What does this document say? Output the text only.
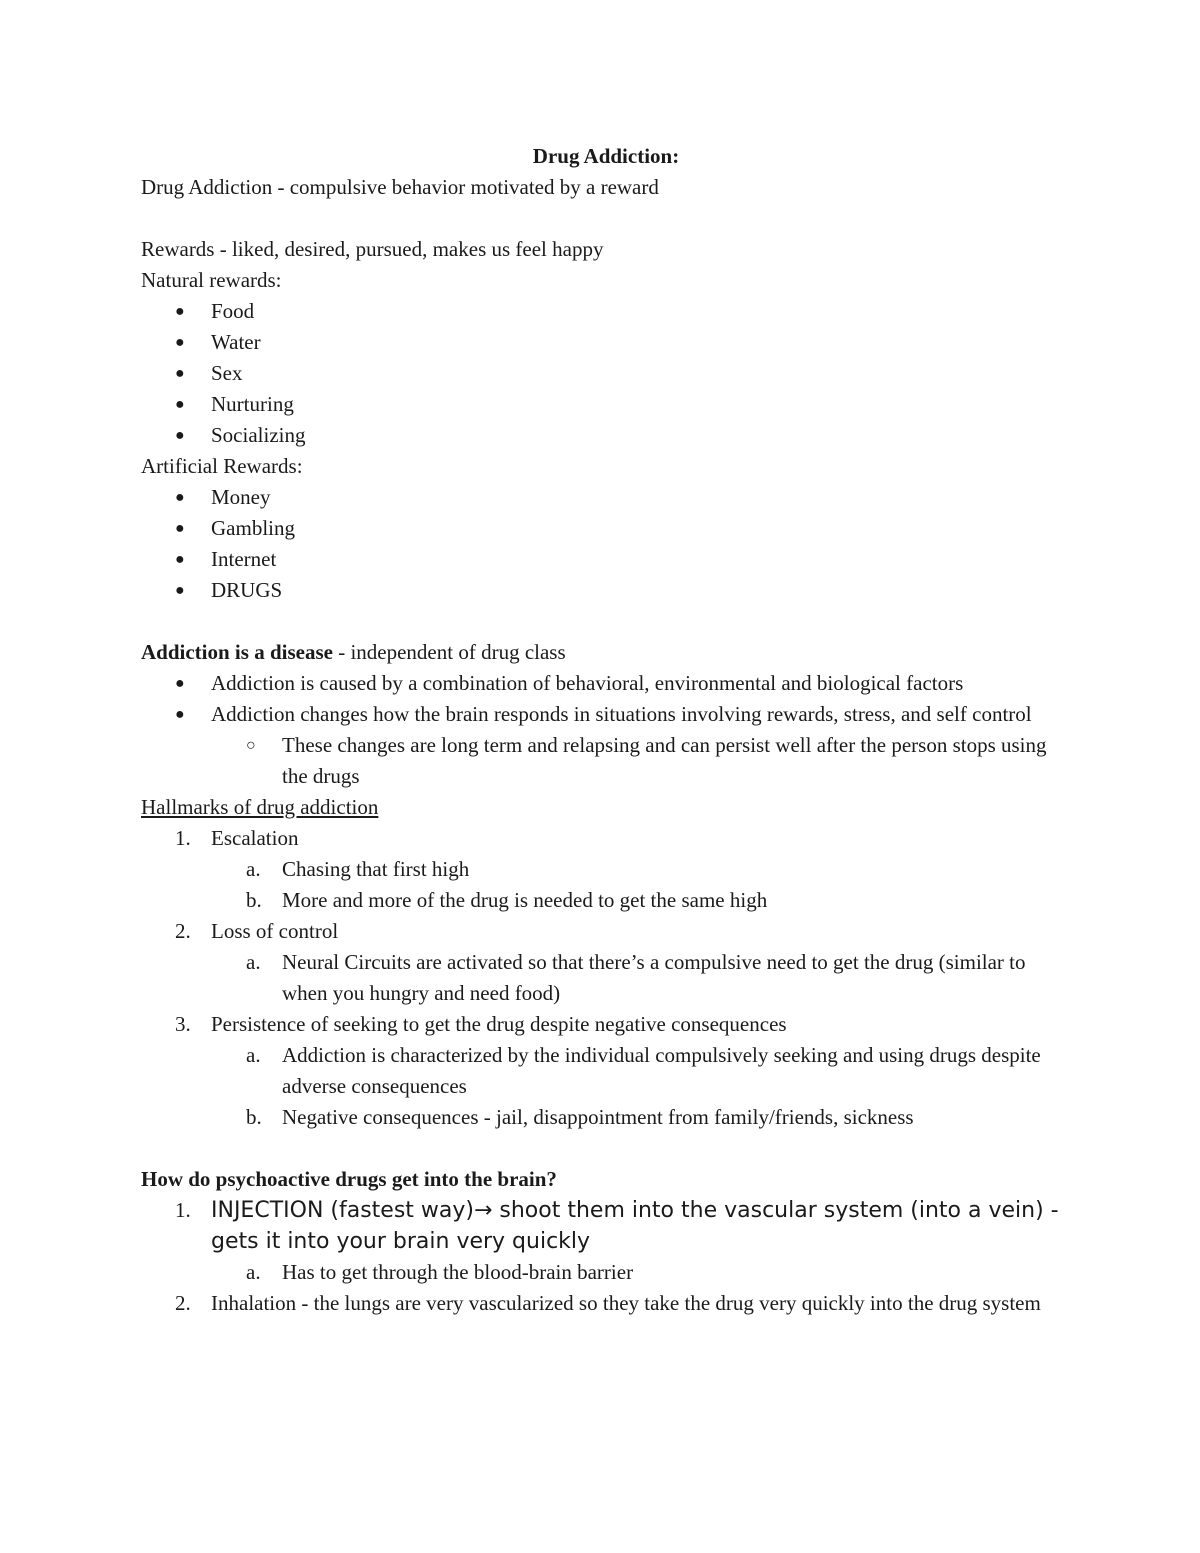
Drug Addiction:

Drug Addiction - compulsive behavior motivated by a reward

Rewards - liked, desired, pursued, makes us feel happy

Natural rewards:

● Food
● Water
● Sex
● Nurturing
● Socializing

Artificial Rewards:

● Money
● Gambling
● Internet
● DRUGS

Addiction is a disease - independent of drug class

● Addiction is caused by a combination of behavioral, environmental and biological factors
● Addiction changes how the brain responds in situations involving rewards, stress, and self control
○ These changes are long term and relapsing and can persist well after the person stops using the drugs

Hallmarks of drug addiction

1. Escalation
a. Chasing that first high
b. More and more of the drug is needed to get the same high
2. Loss of control
a. Neural Circuits are activated so that there’s a compulsive need to get the drug (similar to when you hungry and need food)
3. Persistence of seeking to get the drug despite negative consequences
a. Addiction is characterized by the individual compulsively seeking and using drugs despite adverse consequences
b. Negative consequences - jail, disappointment from family/friends, sickness

How do psychoactive drugs get into the brain?

1. INJECTION (fastest way)→ shoot them into the vascular system (into a vein) - gets it into your brain very quickly
a. Has to get through the blood-brain barrier
2. Inhalation - the lungs are very vascularized so they take the drug very quickly into the drug system
